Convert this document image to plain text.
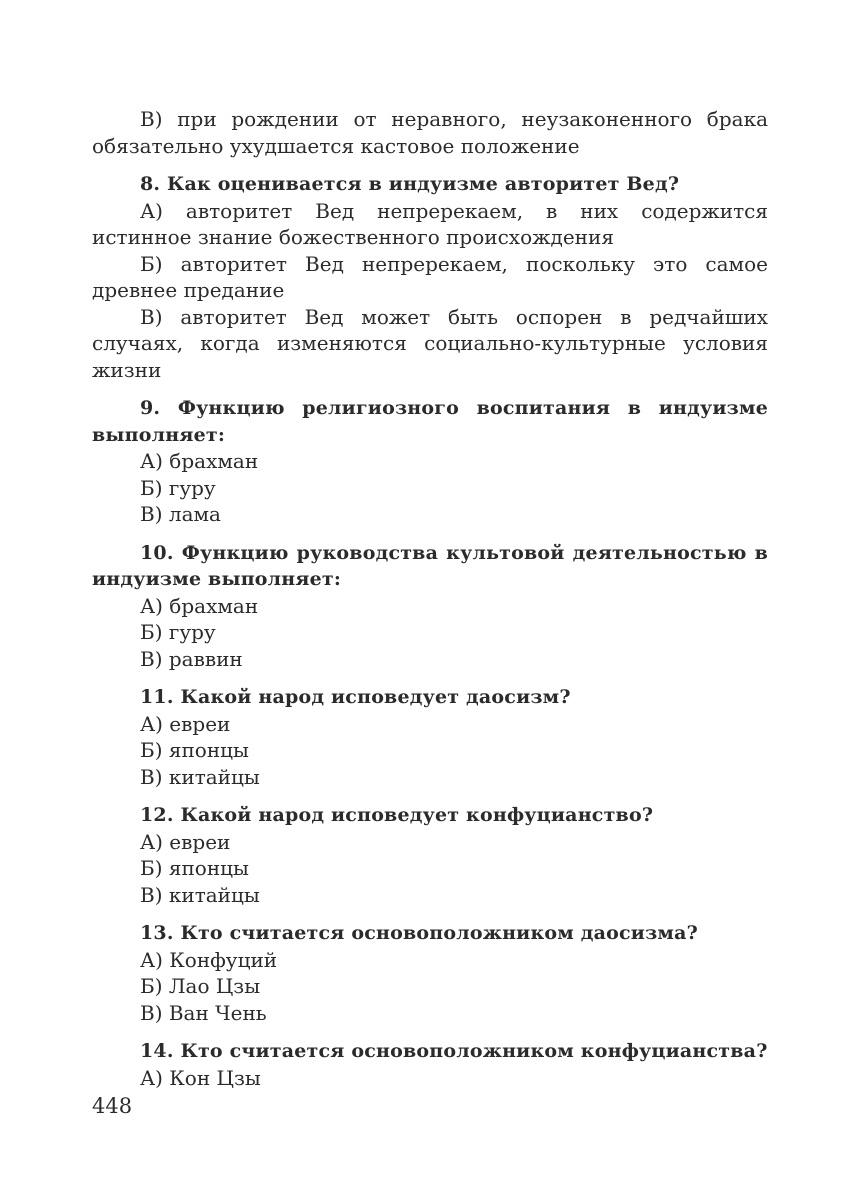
В) при рождении от неравного, неузаконенного брака обязательно ухудшается кастовое положение

8. Как оценивается в индуизме авторитет Вед?

А) авторитет Вед непререкаем, в них содержится истинное знание божественного происхождения

Б) авторитет Вед непререкаем, поскольку это самое древнее предание

В) авторитет Вед может быть оспорен в редчайших случаях, когда изменяются социально-культурные условия жизни

9. Функцию религиозного воспитания в индуизме выполняет:

А) брахман

Б) гуру

В) лама

10. Функцию руководства культовой деятельностью в индуизме выполняет:

А) брахман

Б) гуру

В) раввин

11. Какой народ исповедует даосизм?

А) евреи

Б) японцы

В) китайцы

12. Какой народ исповедует конфуцианство?

А) евреи

Б) японцы

В) китайцы

13. Кто считается основоположником даосизма?

А) Конфуций

Б) Лао Цзы

В) Ван Чень

14. Кто считается основоположником конфуцианства?

А) Кон Цзы

448
